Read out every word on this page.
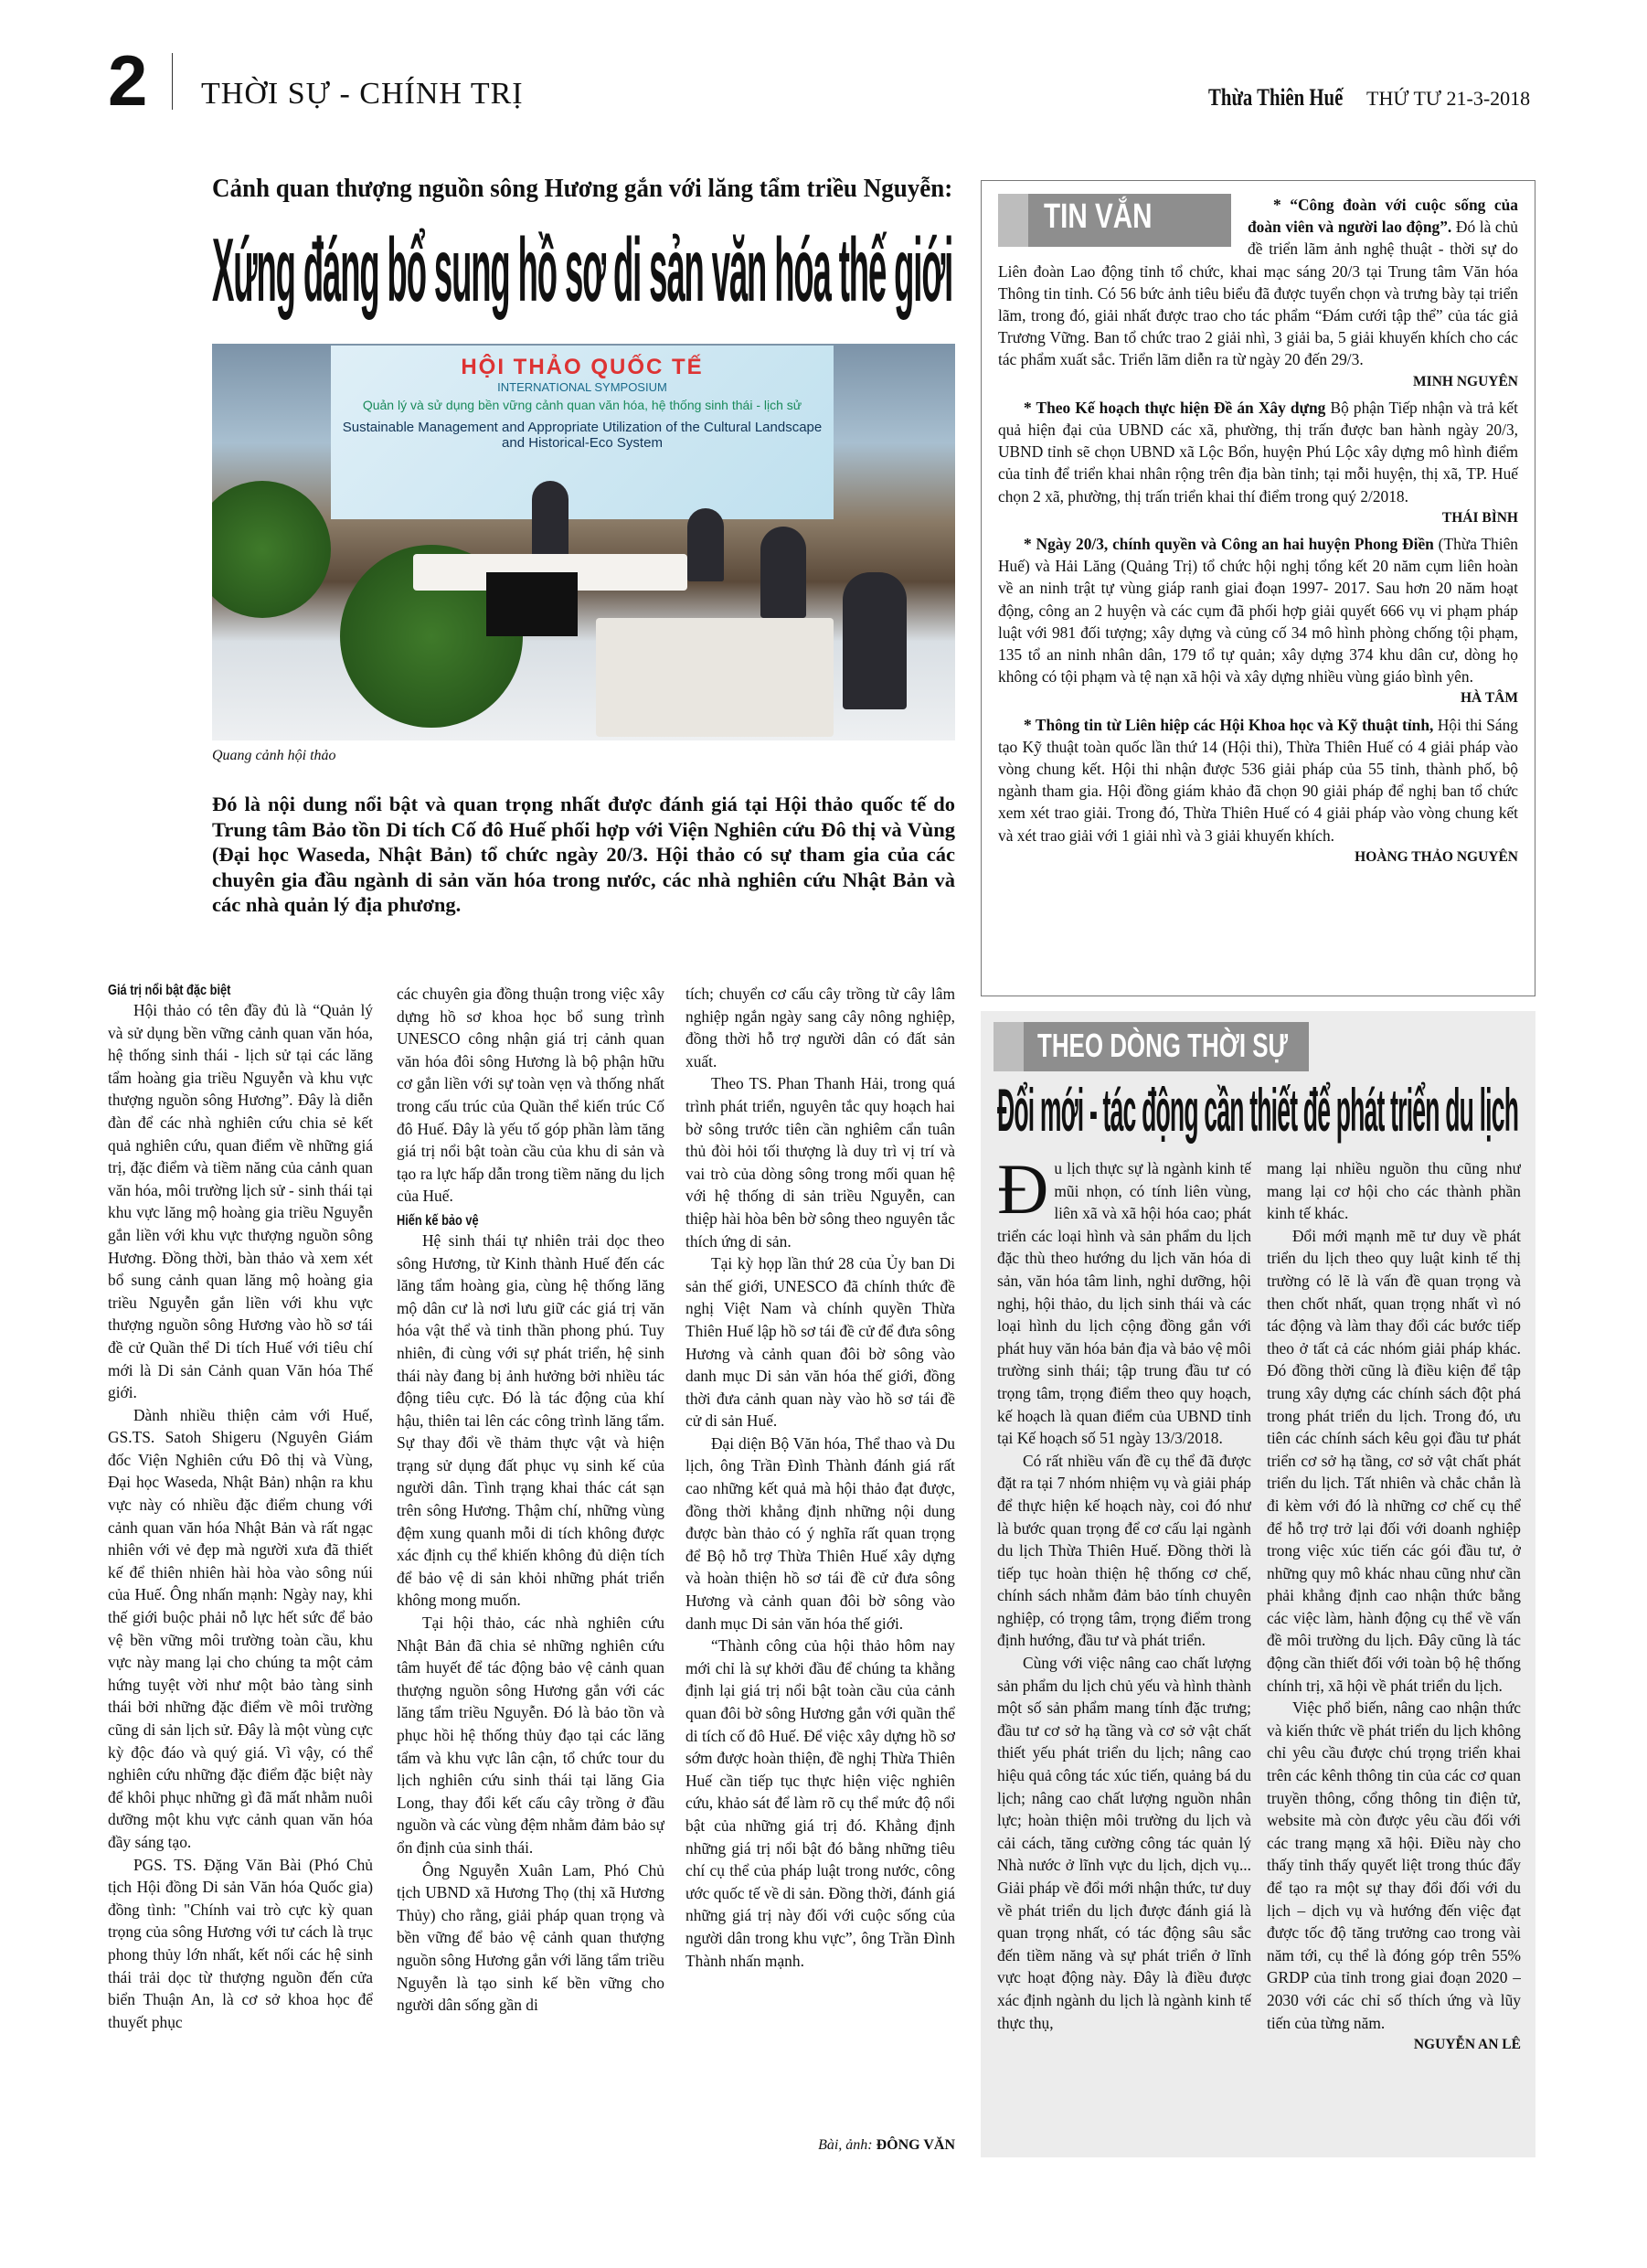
2 THỜI SỰ - CHÍNH TRỊ	Thừa Thiên Huế THỨ TƯ 21-3-2018
Cảnh quan thượng nguồn sông Hương gắn với lăng tẩm triều Nguyễn:
Xứng đáng bổ sung hồ sơ di sản văn hóa thế giới
HỘI THẢO QUỐC TẾ
INTERNATIONAL SYMPOSIUM
Quản lý và sử dụng bền vững cảnh quan văn hóa, hệ thống sinh thái - lịch sử
Sustainable Management and Appropriate Utilization of the Cultural Landscape and Historical-Eco System
Quang cảnh hội thảo
Đó là nội dung nổi bật và quan trọng nhất được đánh giá tại Hội thảo quốc tế do Trung tâm Bảo tồn Di tích Cố đô Huế phối hợp với Viện Nghiên cứu Đô thị và Vùng (Đại học Waseda, Nhật Bản) tổ chức ngày 20/3. Hội thảo có sự tham gia của các chuyên gia đầu ngành di sản văn hóa trong nước, các nhà nghiên cứu Nhật Bản và các nhà quản lý địa phương.
Giá trị nổi bật đặc biệt

Hội thảo có tên đầy đủ là “Quản lý và sử dụng bền vững cảnh quan văn hóa, hệ thống sinh thái - lịch sử tại các lăng tẩm hoàng gia triều Nguyễn và khu vực thượng nguồn sông Hương”. Đây là diễn đàn để các nhà nghiên cứu chia sẻ kết quả nghiên cứu, quan điểm về những giá trị, đặc điểm và tiềm năng của cảnh quan văn hóa, môi trường lịch sử - sinh thái tại khu vực lăng mộ hoàng gia triều Nguyễn gắn liền với khu vực thượng nguồn sông Hương. Đồng thời, bàn thảo và xem xét bổ sung cảnh quan lăng mộ hoàng gia triều Nguyễn gắn liền với khu vực thượng nguồn sông Hương vào hồ sơ tái đề cử Quần thể Di tích Huế với tiêu chí mới là Di sản Cảnh quan Văn hóa Thế giới.

Dành nhiều thiện cảm với Huế, GS.TS. Satoh Shigeru (Nguyên Giám đốc Viện Nghiên cứu Đô thị và Vùng, Đại học Waseda, Nhật Bản) nhận ra khu vực này có nhiều đặc điểm chung với cảnh quan văn hóa Nhật Bản và rất ngạc nhiên với vẻ đẹp mà người xưa đã thiết kế để thiên nhiên hài hòa vào sông núi của Huế. Ông nhấn mạnh: Ngày nay, khi thế giới buộc phải nỗ lực hết sức để bảo vệ bền vững môi trường toàn cầu, khu vực này mang lại cho chúng ta một cảm hứng tuyệt vời như một bảo tàng sinh thái bởi những đặc điểm về môi trường cũng di sản lịch sử. Đây là một vùng cực kỳ độc đáo và quý giá. Vì vậy, có thể nghiên cứu những đặc điểm đặc biệt này để khôi phục những gì đã mất nhằm nuôi dưỡng một khu vực cảnh quan văn hóa đầy sáng tạo.

PGS. TS. Đặng Văn Bài (Phó Chủ tịch Hội đồng Di sản Văn hóa Quốc gia) đồng tình: "Chính vai trò cực kỳ quan trọng của sông Hương với tư cách là trục phong thủy lớn nhất, kết nối các hệ sinh thái trải dọc từ thượng nguồn đến cửa biển Thuận An, là cơ sở khoa học để thuyết phục

các chuyên gia đồng thuận trong việc xây dựng hồ sơ khoa học bổ sung trình UNESCO công nhận giá trị cảnh quan văn hóa đôi sông Hương là bộ phận hữu cơ gắn liền với sự toàn vẹn và thống nhất trong cấu trúc của Quần thể kiến trúc Cố đô Huế. Đây là yếu tố góp phần làm tăng giá trị nổi bật toàn cầu của khu di sản và tạo ra lực hấp dẫn trong tiềm năng du lịch của Huế.

Hiến kế bảo vệ

Hệ sinh thái tự nhiên trải dọc theo sông Hương, từ Kinh thành Huế đến các lăng tẩm hoàng gia, cùng hệ thống lăng mộ dân cư là nơi lưu giữ các giá trị văn hóa vật thể và tinh thần phong phú. Tuy nhiên, đi cùng với sự phát triển, hệ sinh thái này đang bị ảnh hưởng bởi nhiều tác động tiêu cực. Đó là tác động của khí hậu, thiên tai lên các công trình lăng tẩm. Sự thay đổi về thảm thực vật và hiện trạng sử dụng đất phục vụ sinh kế của người dân. Tình trạng khai thác cát sạn trên sông Hương. Thậm chí, những vùng đệm xung quanh mỗi di tích không được xác định cụ thể khiến không đủ diện tích để bảo vệ di sản khỏi những phát triển không mong muốn.

Tại hội thảo, các nhà nghiên cứu Nhật Bản đã chia sẻ những nghiên cứu tâm huyết để tác động bảo vệ cảnh quan thượng nguồn sông Hương gắn với các lăng tẩm triều Nguyễn. Đó là bảo tồn và phục hồi hệ thống thủy đạo tại các lăng tẩm và khu vực lân cận, tổ chức tour du lịch nghiên cứu sinh thái tại lăng Gia Long, thay đổi kết cấu cây trồng ở đầu nguồn và các vùng đệm nhằm đảm bảo sự ổn định của sinh thái.

Ông Nguyễn Xuân Lam, Phó Chủ tịch UBND xã Hương Thọ (thị xã Hương Thủy) cho rằng, giải pháp quan trọng và bền vững để bảo vệ cảnh quan thượng nguồn sông Hương gắn với lăng tẩm triều Nguyễn là tạo sinh kế bền vững cho người dân sống gần di

tích; chuyển cơ cấu cây trồng từ cây lâm nghiệp ngắn ngày sang cây nông nghiệp, đồng thời hỗ trợ người dân có đất sản xuất.

Theo TS. Phan Thanh Hải, trong quá trình phát triển, nguyên tắc quy hoạch hai bờ sông trước tiên cần nghiêm cẩn tuân thủ đòi hỏi tối thượng là duy trì vị trí và vai trò của dòng sông trong mối quan hệ với hệ thống di sản triều Nguyễn, can thiệp hài hòa bên bờ sông theo nguyên tắc thích ứng di sản.

Tại kỳ họp lần thứ 28 của Ủy ban Di sản thế giới, UNESCO đã chính thức đề nghị Việt Nam và chính quyền Thừa Thiên Huế lập hồ sơ tái đề cử để đưa sông Hương và cảnh quan đôi bờ sông vào danh mục Di sản văn hóa thế giới, đồng thời đưa cảnh quan này vào hồ sơ tái đề cử di sản Huế.

Đại diện Bộ Văn hóa, Thể thao và Du lịch, ông Trần Đình Thành đánh giá rất cao những kết quả mà hội thảo đạt được, đồng thời khẳng định những nội dung được bàn thảo có ý nghĩa rất quan trọng để Bộ hỗ trợ Thừa Thiên Huế xây dựng và hoàn thiện hồ sơ tái đề cử đưa sông Hương và cảnh quan đôi bờ sông vào danh mục Di sản văn hóa thế giới.

“Thành công của hội thảo hôm nay mới chỉ là sự khởi đầu để chúng ta khẳng định lại giá trị nổi bật toàn cầu của cảnh quan đôi bờ sông Hương gắn với quần thể di tích cố đô Huế. Để việc xây dựng hồ sơ sớm được hoàn thiện, đề nghị Thừa Thiên Huế cần tiếp tục thực hiện việc nghiên cứu, khảo sát để làm rõ cụ thể mức độ nổi bật của những giá trị đó. Khẳng định những giá trị nổi bật đó bằng những tiêu chí cụ thể của pháp luật trong nước, công ước quốc tế về di sản. Đồng thời, đánh giá những giá trị này đối với cuộc sống của người dân trong khu vực”, ông Trần Đình Thành nhấn mạnh.

Bài, ảnh: ĐÔNG VĂN
TIN VẮN	* “Công đoàn với cuộc sống của đoàn viên và người lao động”. Đó là chủ đề triển lãm ảnh nghệ thuật - thời sự do Liên đoàn Lao động tỉnh tổ chức, khai mạc sáng 20/3 tại Trung tâm Văn hóa Thông tin tỉnh. Có 56 bức ảnh tiêu biểu đã được tuyển chọn và trưng bày tại triển lãm, trong đó, giải nhất được trao cho tác phẩm “Đám cưới tập thể” của tác giả Trương Vững. Ban tổ chức trao 2 giải nhì, 3 giải ba, 5 giải khuyến khích cho các tác phẩm xuất sắc. Triển lãm diễn ra từ ngày 20 đến 29/3.

MINH NGUYÊN

* Theo Kế hoạch thực hiện Đề án Xây dựng Bộ phận Tiếp nhận và trả kết quả hiện đại của UBND các xã, phường, thị trấn được ban hành ngày 20/3, UBND tỉnh sẽ chọn UBND xã Lộc Bổn, huyện Phú Lộc xây dựng mô hình điểm của tỉnh để triển khai nhân rộng trên địa bàn tỉnh; tại mỗi huyện, thị xã, TP. Huế chọn 2 xã, phường, thị trấn triển khai thí điểm trong quý 2/2018.

THÁI BÌNH

* Ngày 20/3, chính quyền và Công an hai huyện Phong Điền (Thừa Thiên Huế) và Hải Lăng (Quảng Trị) tổ chức hội nghị tổng kết 20 năm cụm liên hoàn về an ninh trật tự vùng giáp ranh giai đoạn 1997- 2017. Sau hơn 20 năm hoạt động, công an 2 huyện và các cụm đã phối hợp giải quyết 666 vụ vi phạm pháp luật với 981 đối tượng; xây dựng và củng cố 34 mô hình phòng chống tội phạm, 135 tổ an ninh nhân dân, 179 tổ tự quản; xây dựng 374 khu dân cư, dòng họ không có tội phạm và tệ nạn xã hội và xây dựng nhiều vùng giáo bình yên.

HÀ TÂM

* Thông tin từ Liên hiệp các Hội Khoa học và Kỹ thuật tỉnh, Hội thi Sáng tạo Kỹ thuật toàn quốc lần thứ 14 (Hội thi), Thừa Thiên Huế có 4 giải pháp vào vòng chung kết. Hội thi nhận được 536 giải pháp của 55 tỉnh, thành phố, bộ ngành tham gia. Hội đồng giám khảo đã chọn 90 giải pháp để nghị ban tổ chức xem xét trao giải. Trong đó, Thừa Thiên Huế có 4 giải pháp vào vòng chung kết và xét trao giải với 1 giải nhì và 3 giải khuyến khích.

HOÀNG THẢO NGUYÊN

THEO DÒNG THỜI SỰ
Đổi mới - tác động cần thiết để phát triển du lịch

Đu lịch thực sự là ngành kinh tế mũi nhọn, có tính liên vùng, liên xã và xã hội hóa cao; phát triển các loại hình và sản phẩm du lịch đặc thù theo hướng du lịch văn hóa di sản, văn hóa tâm linh, nghỉ dưỡng, hội nghị, hội thảo, du lịch sinh thái và các loại hình du lịch cộng đồng gắn với phát huy văn hóa bản địa và bảo vệ môi trường sinh thái; tập trung đầu tư có trọng tâm, trọng điểm theo quy hoạch, kế hoạch là quan điểm của UBND tỉnh tại Kế hoạch số 51 ngày 13/3/2018.

Có rất nhiều vấn đề cụ thể đã được đặt ra tại 7 nhóm nhiệm vụ và giải pháp để thực hiện kế hoạch này, coi đó như là bước quan trọng để cơ cấu lại ngành du lịch Thừa Thiên Huế. Đồng thời là tiếp tục hoàn thiện hệ thống cơ chế, chính sách nhằm đảm bảo tính chuyên nghiệp, có trọng tâm, trọng điểm trong định hướng, đầu tư và phát triển.

Cùng với việc nâng cao chất lượng sản phẩm du lịch chủ yếu và hình thành một số sản phẩm mang tính đặc trưng; đầu tư cơ sở hạ tầng và cơ sở vật chất thiết yếu phát triển du lịch; nâng cao hiệu quả công tác xúc tiến, quảng bá du lịch; nâng cao chất lượng nguồn nhân lực; hoàn thiện môi trường du lịch và cải cách, tăng cường công tác quản lý Nhà nước ở lĩnh vực du lịch, dịch vụ... Giải pháp về đổi mới nhận thức, tư duy về phát triển du lịch được đánh giá là quan trọng nhất, có tác động sâu sắc đến tiềm năng và sự phát triển ở lĩnh vực hoạt động này. Đây là điều được xác định ngành du lịch là ngành kinh tế thực thụ,

mang lại nhiều nguồn thu cũng như mang lại cơ hội cho các thành phần kinh tế khác.

Đổi mới mạnh mẽ tư duy về phát triển du lịch theo quy luật kinh tế thị trường có lẽ là vấn đề quan trọng và then chốt nhất, quan trọng nhất vì nó tác động và làm thay đổi các bước tiếp theo ở tất cả các nhóm giải pháp khác. Đó đồng thời cũng là điều kiện để tập trung xây dựng các chính sách đột phá trong phát triển du lịch. Trong đó, ưu tiên các chính sách kêu gọi đầu tư phát triển cơ sở hạ tầng, cơ sở vật chất phát triển du lịch. Tất nhiên và chắc chắn là đi kèm với đó là những cơ chế cụ thể để hỗ trợ trở lại đối với doanh nghiệp trong việc xúc tiến các gói đầu tư, ở những quy mô khác nhau cũng như cần phải khẳng định cao nhận thức bằng các việc làm, hành động cụ thể về vấn đề môi trường du lịch. Đây cũng là tác động cần thiết đối với toàn bộ hệ thống chính trị, xã hội về phát triển du lịch.

Việc phổ biến, nâng cao nhận thức và kiến thức về phát triển du lịch không chỉ yêu cầu được chú trọng triển khai trên các kênh thông tin của các cơ quan truyền thông, cổng thông tin điện tử, website mà còn được yêu cầu đối với các trang mạng xã hội. Điều này cho thấy tỉnh thấy quyết liệt trong thúc đẩy để tạo ra một sự thay đổi đối với du lịch – dịch vụ và hướng đến việc đạt được tốc độ tăng trưởng cao trong vài năm tới, cụ thể là đóng góp trên 55% GRDP của tỉnh trong giai đoạn 2020 – 2030 với các chỉ số thích ứng và lũy tiến của từng năm.

NGUYỄN AN LÊ
